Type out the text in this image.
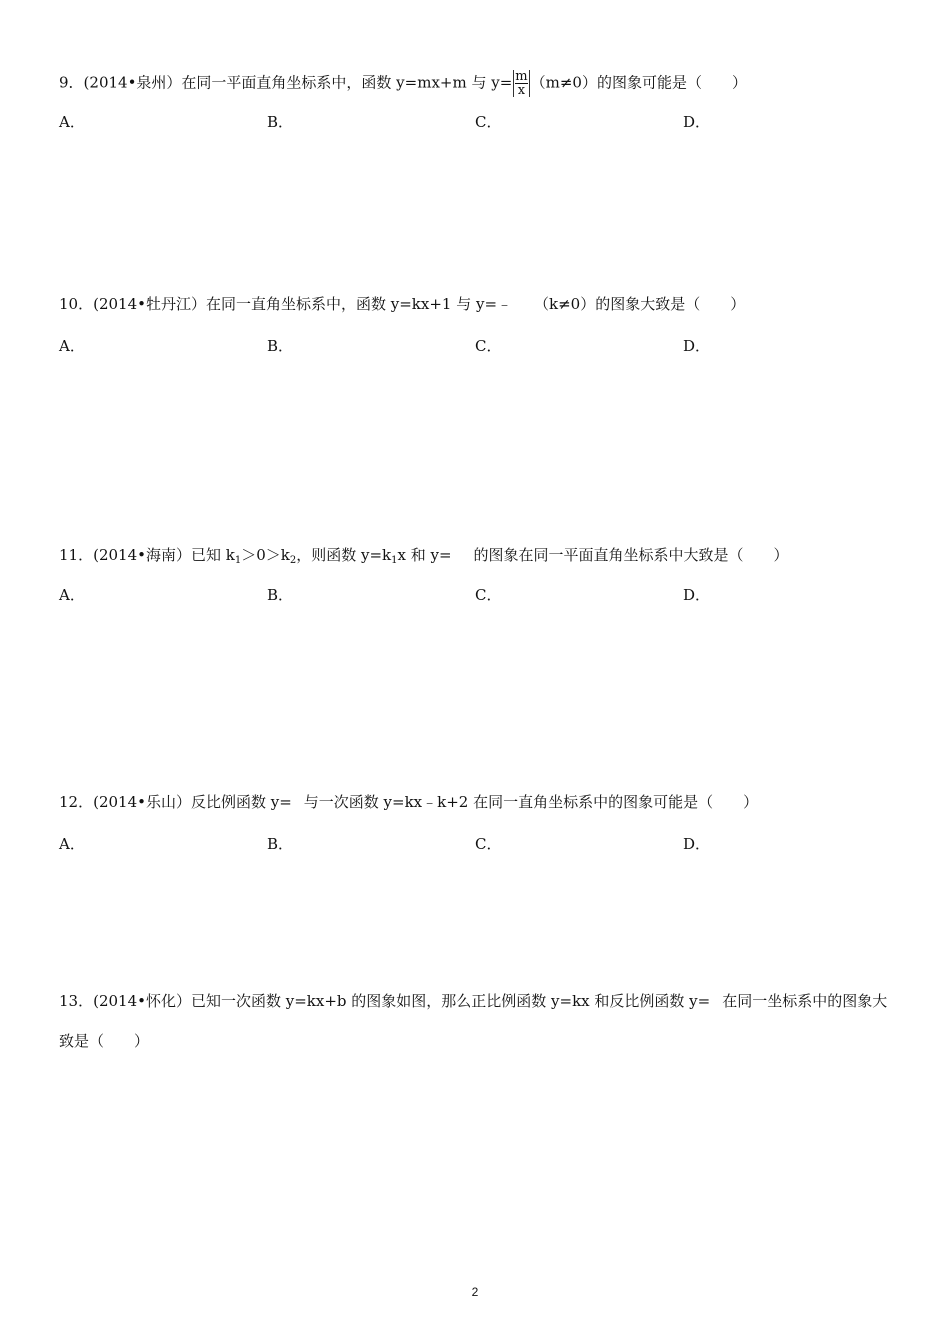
9．(2014•泉州）在同一平面直角坐标系中，函数 y=mx+m 与 $y= \frac{m}{x} (m\ne 0)$的图象可能是（　　）
A．	B．	C．	D．
10．(2014•牡丹江）在同一直角坐标系中，函数 y=kx+1 与 y=﹣ （k≠0）的图象大致是（　　）
A．	B．	C．	D．
11．(2014•海南）已知 $k_1>0>k_2$，则函数 $y=k_1x$ 和 y= 的图象在同一平面直角坐标系中大致是（　　）
A．	B．	C．	D．
12．(2014•乐山）反比例函数 y= 与一次函数 y=kx﹣k+2 在同一直角坐标系中的图象可能是（　　）
A．	B．	C．	D．
13．(2014•怀化）已知一次函数 y=kx+b 的图象如图，那么正比例函数 y=kx 和反比例函数 y= 在同一坐标系中的图象大致是（　　）
2
